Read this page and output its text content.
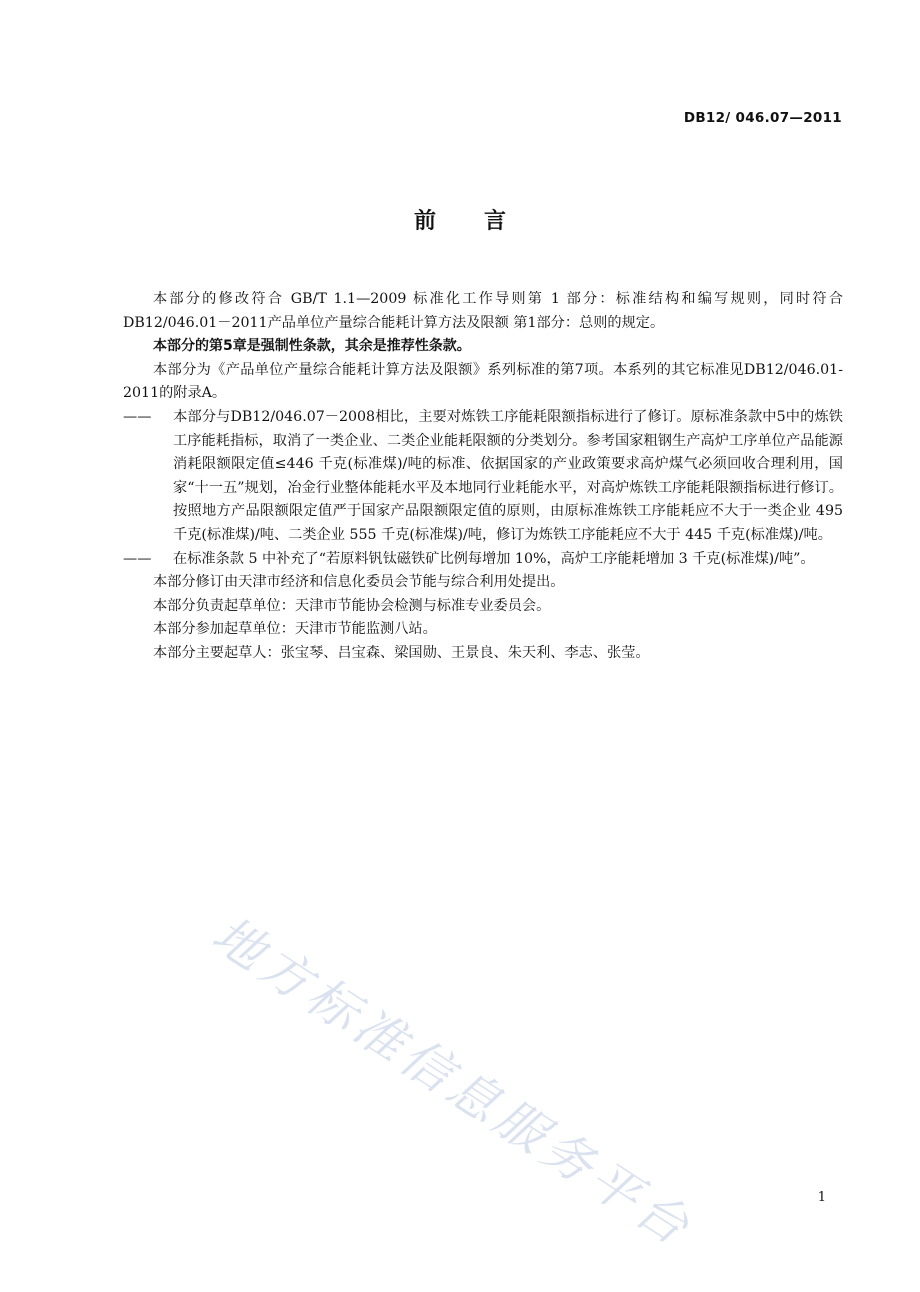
DB12/ 046.07—2011
前言

本部分的修改符合 GB/T 1.1—2009 标准化工作导则第 1 部分：标准结构和编写规则，同时符合DB12/046.01－2011产品单位产量综合能耗计算方法及限额 第1部分：总则的规定。

本部分的第5章是强制性条款，其余是推荐性条款。

本部分为《产品单位产量综合能耗计算方法及限额》系列标准的第7项。本系列的其它标准见DB12/046.01-2011的附录A。

—— 本部分与DB12/046.07－2008相比，主要对炼铁工序能耗限额指标进行了修订。原标准条款中5中的炼铁工序能耗指标，取消了一类企业、二类企业能耗限额的分类划分。参考国家粗钢生产高炉工序单位产品能源消耗限额限定值≤446 千克(标准煤)/吨的标准、依据国家的产业政策要求高炉煤气必须回收合理利用，国家“十一五”规划，冶金行业整体能耗水平及本地同行业耗能水平，对高炉炼铁工序能耗限额指标进行修订。按照地方产品限额限定值严于国家产品限额限定值的原则，由原标准炼铁工序能耗应不大于一类企业 495 千克(标准煤)/吨、二类企业 555 千克(标准煤)/吨，修订为炼铁工序能耗应不大于 445 千克(标准煤)/吨。

—— 在标准条款 5 中补充了“若原料钒钛磁铁矿比例每增加 10%，高炉工序能耗增加 3 千克(标准煤)/吨”。

本部分修订由天津市经济和信息化委员会节能与综合利用处提出。

本部分负责起草单位：天津市节能协会检测与标准专业委员会。

本部分参加起草单位：天津市节能监测八站。

本部分主要起草人：张宝琴、吕宝森、梁国勋、王景良、朱天利、李志、张莹。

地方标准信息服务平台	1
